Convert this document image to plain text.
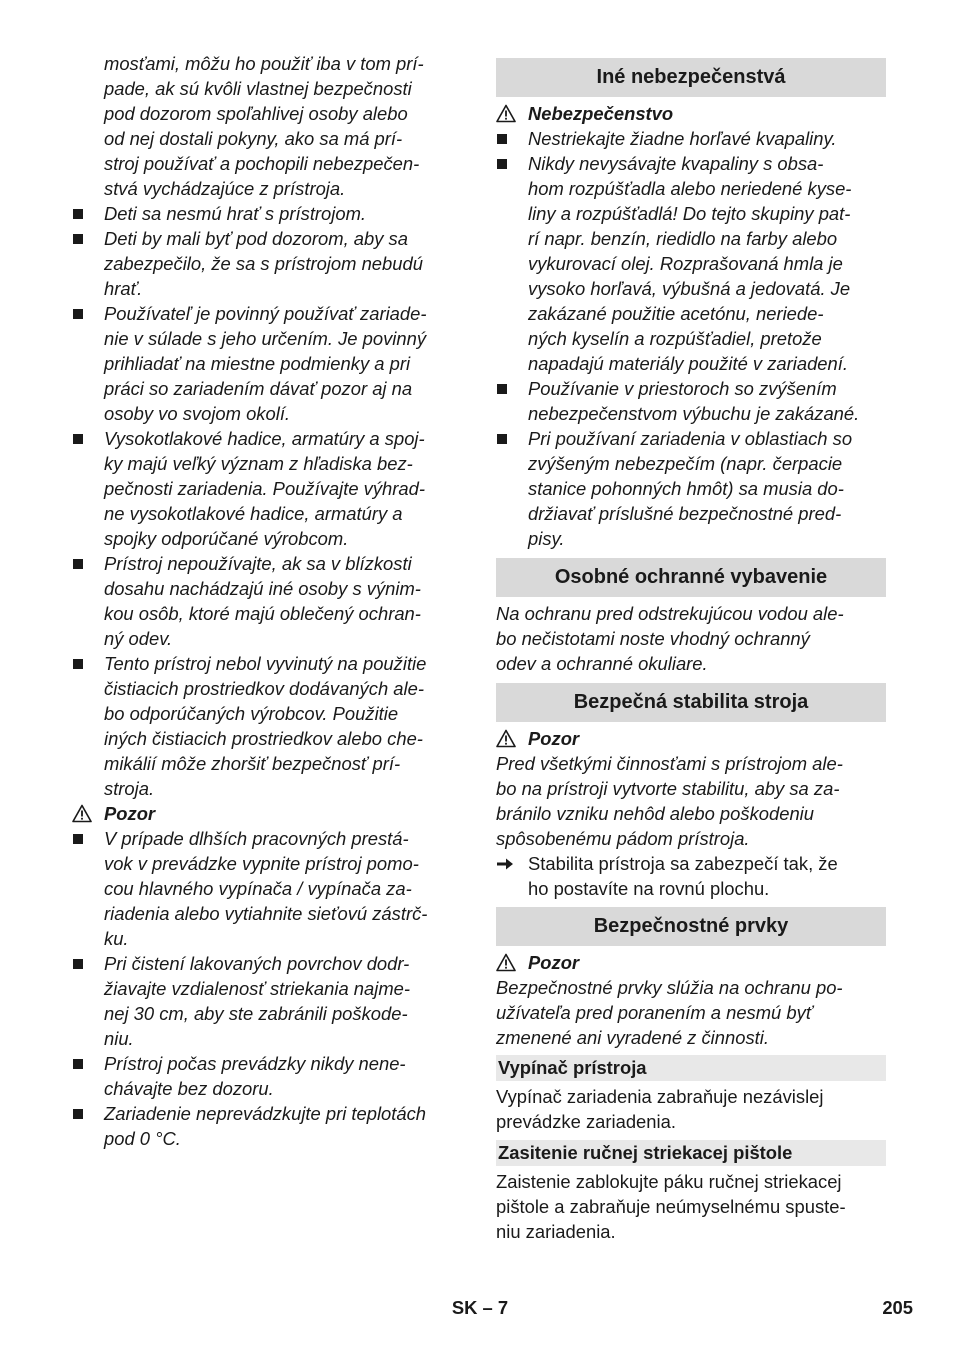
mosťami, môžu ho použiť iba v tom prí-
pade, ak sú kvôli vlastnej bezpečnosti
pod dozorom spoľahlivej osoby alebo
od nej dostali pokyny, ako sa má prí-
stroj používať a pochopili nebezpečen-
stvá vychádzajúce z prístroja.
Deti sa nesmú hrať s prístrojom.
Deti by mali byť pod dozorom, aby sa
zabezpečilo, že sa s prístrojom nebudú
hrať.
Používateľ je povinný používať zariade-
nie v súlade s jeho určením. Je povinný
prihliadať na miestne podmienky a pri
práci so zariadením dávať pozor aj na
osoby vo svojom okolí.
Vysokotlakové hadice, armatúry a spoj-
ky majú veľký význam z hľadiska bez-
pečnosti zariadenia. Používajte výhrad-
ne vysokotlakové hadice, armatúry a
spojky odporúčané výrobcom.
Prístroj nepoužívajte, ak sa v blízkosti
dosahu nachádzajú iné osoby s výnim-
kou osôb, ktoré majú oblečený ochran-
ný odev.
Tento prístroj nebol vyvinutý na použitie
čistiacich prostriedkov dodávaných ale-
bo odporúčaných výrobcov. Použitie
iných čistiacich prostriedkov alebo che-
mikálií môže zhoršiť bezpečnosť prí-
stroja.
Pozor
V prípade dlhších pracovných prestá-
vok v prevádzke vypnite prístroj pomo-
cou hlavného vypínača / vypínača za-
riadenia alebo vytiahnite sieťovú zástrč-
ku.
Pri čistení lakovaných povrchov dodr-
žiavajte vzdialenosť striekania najme-
nej 30 cm, aby ste zabránili poškode-
niu.
Prístroj počas prevádzky nikdy nene-
chávajte bez dozoru.
Zariadenie neprevádzkujte pri teplotách
pod 0 °C.
Iné nebezpečenstvá
Nebezpečenstvo
Nestriekajte žiadne horľavé kvapaliny.
Nikdy nevysávajte kvapaliny s obsa-
hom rozpúšťadla alebo neriedené kyse-
liny a rozpúšťadlá! Do tejto skupiny pat-
rí napr. benzín, riedidlo na farby alebo
vykurovací olej. Rozprašovaná hmla je
vysoko horľavá, výbušná a jedovatá. Je
zakázané použitie acetónu, neriede-
ných kyselín a rozpúšťadiel, pretože
napadajú materiály použité v zariadení.
Používanie v priestoroch so zvýšením
nebezpečenstvom výbuchu je zakázané.
Pri používaní zariadenia v oblastiach so
zvýšeným nebezpečím (napr. čerpacie
stanice pohonných hmôt) sa musia do-
držiavať príslušné bezpečnostné pred-
pisy.
Osobné ochranné vybavenie
Na ochranu pred odstrekujúcou vodou ale-
bo nečistotami noste vhodný ochranný
odev a ochranné okuliare.
Bezpečná stabilita stroja
Pozor
Pred všetkými činnosťami s prístrojom ale-
bo na prístroji vytvorte stabilitu, aby sa za-
bránilo vzniku nehôd alebo poškodeniu
spôsobenému pádom prístroja.
Stabilita prístroja sa zabezpečí tak, že
ho postavíte na rovnú plochu.
Bezpečnostné prvky
Pozor
Bezpečnostné prvky slúžia na ochranu po-
užívateľa pred poranením a nesmú byť
zmenené ani vyradené z činnosti.
Vypínač prístroja
Vypínač zariadenia zabraňuje nezávislej
prevádzke zariadenia.
Zasitenie ručnej striekacej pištole
Zaistenie zablokujte páku ručnej striekacej
pištole a zabraňuje neúmyselnému spuste-
niu zariadenia.
SK – 7	205
